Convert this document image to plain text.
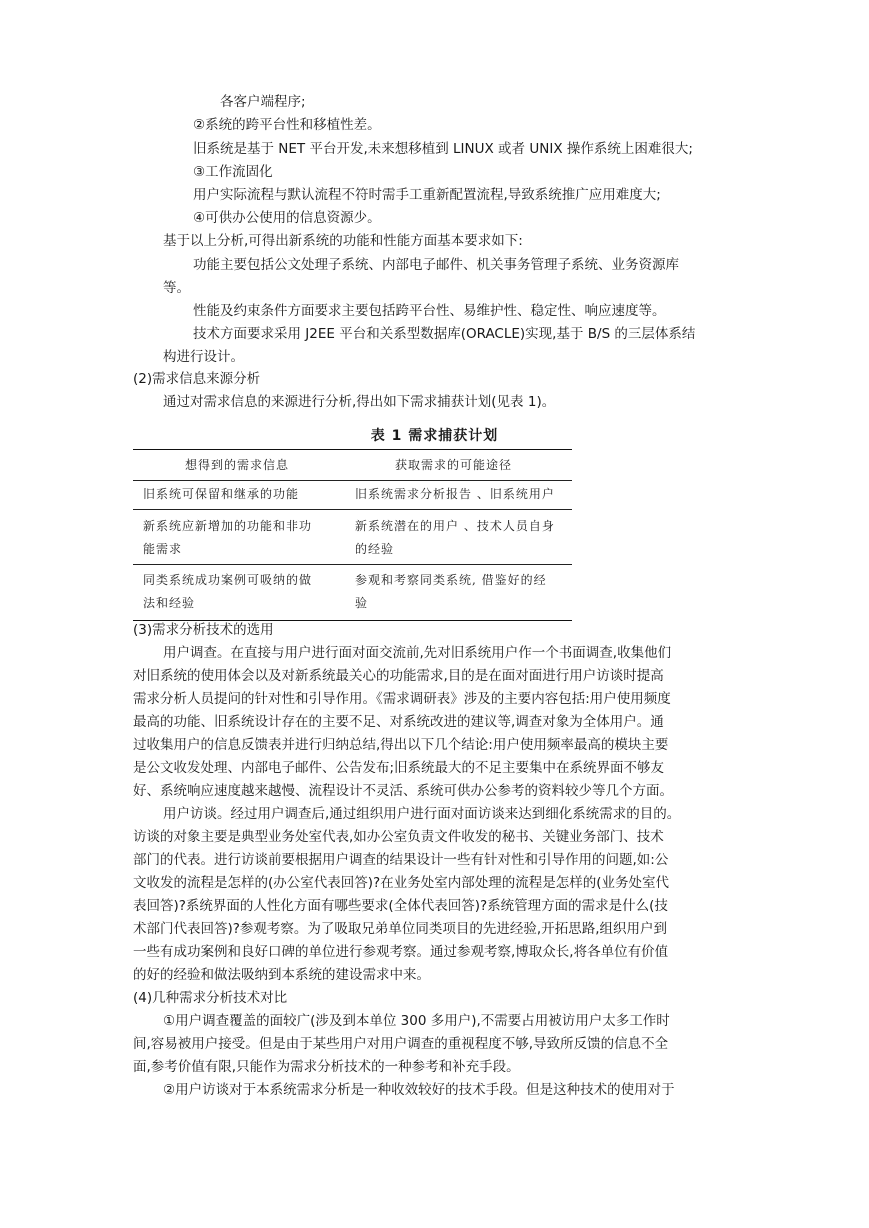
各客户端程序;
②系统的跨平台性和移植性差。
旧系统是基于 NET 平台开发,未来想移植到 LINUX 或者 UNIX 操作系统上困难很大;
③工作流固化
用户实际流程与默认流程不符时需手工重新配置流程,导致系统推广应用难度大;
④可供办公使用的信息资源少。
基于以上分析,可得出新系统的功能和性能方面基本要求如下:
功能主要包括公文处理子系统、内部电子邮件、机关事务管理子系统、业务资源库
等。
性能及约束条件方面要求主要包括跨平台性、易维护性、稳定性、响应速度等。
技术方面要求采用 J2EE 平台和关系型数据库(ORACLE)实现,基于 B/S 的三层体系结
构进行设计。
(2)需求信息来源分析
通过对需求信息的来源进行分析,得出如下需求捕获计划(见表 1)。
表 1 需求捕获计划
想得到的需求信息	获取需求的可能途径
旧系统可保留和继承的功能	旧系统需求分析报告 、旧系统用户
新系统应新增加的功能和非功
能需求
新系统潜在的用户 、技术人员自身
的经验
同类系统成功案例可吸纳的做
法和经验
参观和考察同类系统, 借鉴好的经
验
(3)需求分析技术的选用
用户调查。在直接与用户进行面对面交流前,先对旧系统用户作一个书面调查,收集他们
对旧系统的使用体会以及对新系统最关心的功能需求,目的是在面对面进行用户访谈时提高
需求分析人员提问的针对性和引导作用。《需求调研表》涉及的主要内容包括:用户使用频度
最高的功能、旧系统设计存在的主要不足、对系统改进的建议等,调查对象为全体用户。通
过收集用户的信息反馈表并进行归纳总结,得出以下几个结论:用户使用频率最高的模块主要
是公文收发处理、内部电子邮件、公告发布;旧系统最大的不足主要集中在系统界面不够友
好、系统响应速度越来越慢、流程设计不灵活、系统可供办公参考的资料较少等几个方面。
用户访谈。经过用户调查后,通过组织用户进行面对面访谈来达到细化系统需求的目的。
访谈的对象主要是典型业务处室代表,如办公室负责文件收发的秘书、关键业务部门、技术
部门的代表。进行访谈前要根据用户调查的结果设计一些有针对性和引导作用的问题,如:公
文收发的流程是怎样的(办公室代表回答)?在业务处室内部处理的流程是怎样的(业务处室代
表回答)?系统界面的人性化方面有哪些要求(全体代表回答)?系统管理方面的需求是什么(技
术部门代表回答)?参观考察。为了吸取兄弟单位同类项目的先进经验,开拓思路,组织用户到
一些有成功案例和良好口碑的单位进行参观考察。通过参观考察,博取众长,将各单位有价值
的好的经验和做法吸纳到本系统的建设需求中来。
(4)几种需求分析技术对比
①用户调查覆盖的面较广(涉及到本单位 300 多用户),不需要占用被访用户太多工作时
间,容易被用户接受。但是由于某些用户对用户调查的重视程度不够,导致所反馈的信息不全
面,参考价值有限,只能作为需求分析技术的一种参考和补充手段。
②用户访谈对于本系统需求分析是一种收效较好的技术手段。但是这种技术的使用对于
